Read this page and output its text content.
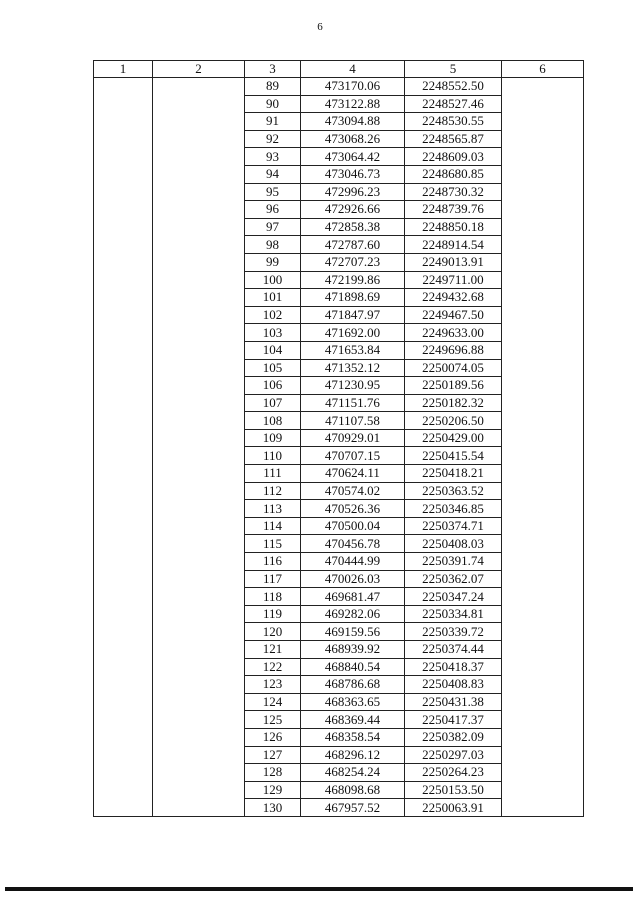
6
1	2	3	4	5	6
		89	473170.06	2248552.50	
		90	473122.88	2248527.46	
		91	473094.88	2248530.55	
		92	473068.26	2248565.87	
		93	473064.42	2248609.03	
		94	473046.73	2248680.85	
		95	472996.23	2248730.32	
		96	472926.66	2248739.76	
		97	472858.38	2248850.18	
		98	472787.60	2248914.54	
		99	472707.23	2249013.91	
		100	472199.86	2249711.00	
		101	471898.69	2249432.68	
		102	471847.97	2249467.50	
		103	471692.00	2249633.00	
		104	471653.84	2249696.88	
		105	471352.12	2250074.05	
		106	471230.95	2250189.56	
		107	471151.76	2250182.32	
		108	471107.58	2250206.50	
		109	470929.01	2250429.00	
		110	470707.15	2250415.54	
		111	470624.11	2250418.21	
		112	470574.02	2250363.52	
		113	470526.36	2250346.85	
		114	470500.04	2250374.71	
		115	470456.78	2250408.03	
		116	470444.99	2250391.74	
		117	470026.03	2250362.07	
		118	469681.47	2250347.24	
		119	469282.06	2250334.81	
		120	469159.56	2250339.72	
		121	468939.92	2250374.44	
		122	468840.54	2250418.37	
		123	468786.68	2250408.83	
		124	468363.65	2250431.38	
		125	468369.44	2250417.37	
		126	468358.54	2250382.09	
		127	468296.12	2250297.03	
		128	468254.24	2250264.23	
		129	468098.68	2250153.50	
		130	467957.52	2250063.91	
